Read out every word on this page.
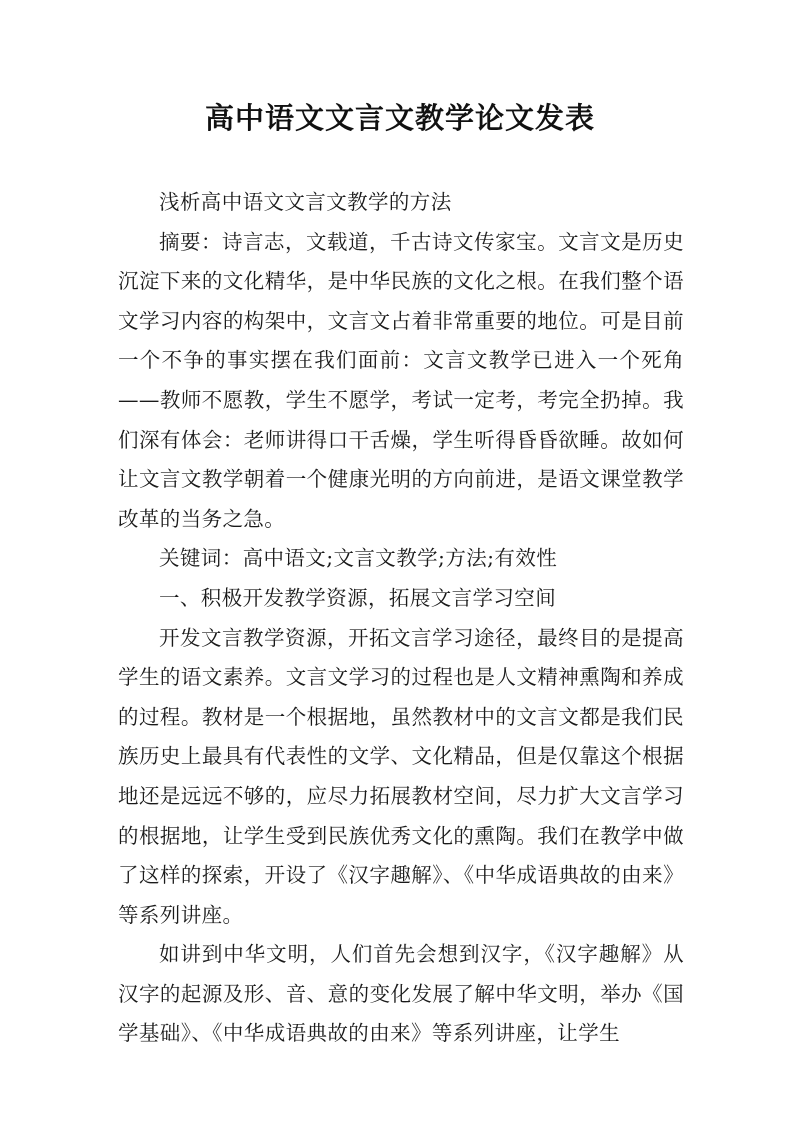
高中语文文言文教学论文发表

浅析高中语文文言文教学的方法

摘要：诗言志，文载道，千古诗文传家宝。文言文是历史沉淀下来的文化精华，是中华民族的文化之根。在我们整个语文学习内容的构架中，文言文占着非常重要的地位。可是目前一个不争的事实摆在我们面前：文言文教学已进入一个死角——教师不愿教，学生不愿学，考试一定考，考完全扔掉。我们深有体会：老师讲得口干舌燥，学生听得昏昏欲睡。故如何让文言文教学朝着一个健康光明的方向前进，是语文课堂教学改革的当务之急。

关键词：高中语文;文言文教学;方法;有效性

一、积极开发教学资源，拓展文言学习空间

开发文言教学资源，开拓文言学习途径，最终目的是提高学生的语文素养。文言文学习的过程也是人文精神熏陶和养成的过程。教材是一个根据地，虽然教材中的文言文都是我们民族历史上最具有代表性的文学、文化精品，但是仅靠这个根据地还是远远不够的，应尽力拓展教材空间，尽力扩大文言学习的根据地，让学生受到民族优秀文化的熏陶。我们在教学中做了这样的探索，开设了《汉字趣解》、《中华成语典故的由来》等系列讲座。

如讲到中华文明，人们首先会想到汉字，《汉字趣解》从汉字的起源及形、音、意的变化发展了解中华文明，举办《国学基础》、《中华成语典故的由来》等系列讲座，让学生
